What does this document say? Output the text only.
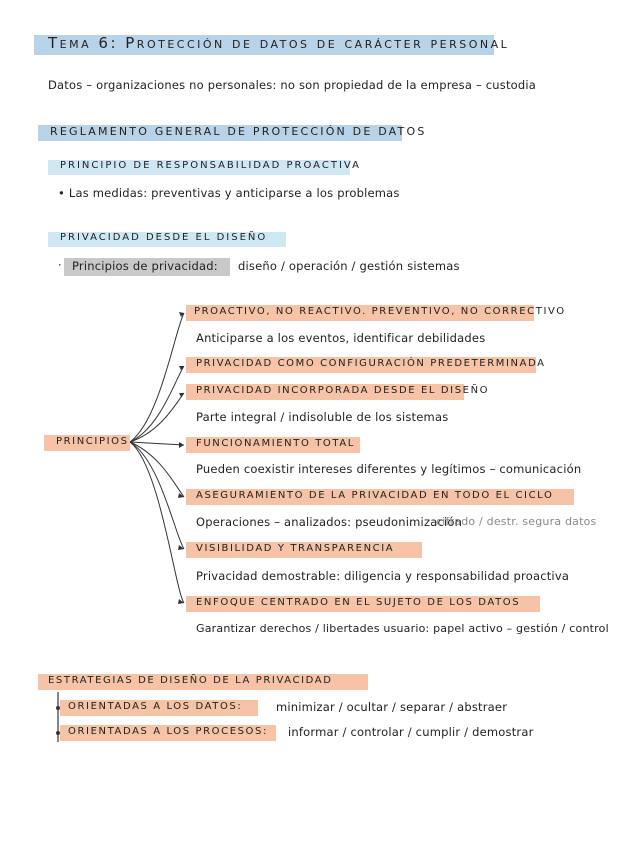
Tema 6: Protección de datos de carácter personal
Datos – organizaciones no personales: no son propiedad de la empresa – custodia
REGLAMENTO GENERAL DE PROTECCIÓN DE DATOS
PRINCIPIO DE RESPONSABILIDAD PROACTIVA
• Las medidas: preventivas y anticiparse a los problemas
PRIVACIDAD DESDE EL DISEÑO
· Principios de privacidad: diseño / operación / gestión sistemas
PRINCIPIOS
PROACTIVO, NO REACTIVO. PREVENTIVO, NO CORRECTIVO
Anticiparse a los eventos, identificar debilidades
PRIVACIDAD COMO CONFIGURACIÓN PREDETERMINADA
PRIVACIDAD INCORPORADA DESDE EL DISEÑO
Parte integral / indisoluble de los sistemas
FUNCIONAMIENTO TOTAL
Pueden coexistir intereses diferentes y legítimos – comunicación
ASEGURAMIENTO DE LA PRIVACIDAD EN TODO EL CICLO
Operaciones – analizados: pseudonimización
cifrado / destr. segura datos
VISIBILIDAD Y TRANSPARENCIA
Privacidad demostrable: diligencia y responsabilidad proactiva
ENFOQUE CENTRADO EN EL SUJETO DE LOS DATOS
Garantizar derechos / libertades usuario: papel activo – gestión / control
ESTRATEGIAS DE DISEÑO DE LA PRIVACIDAD
ORIENTADAS A LOS DATOS:	minimizar / ocultar / separar / abstraer
ORIENTADAS A LOS PROCESOS: informar / controlar / cumplir / demostrar
